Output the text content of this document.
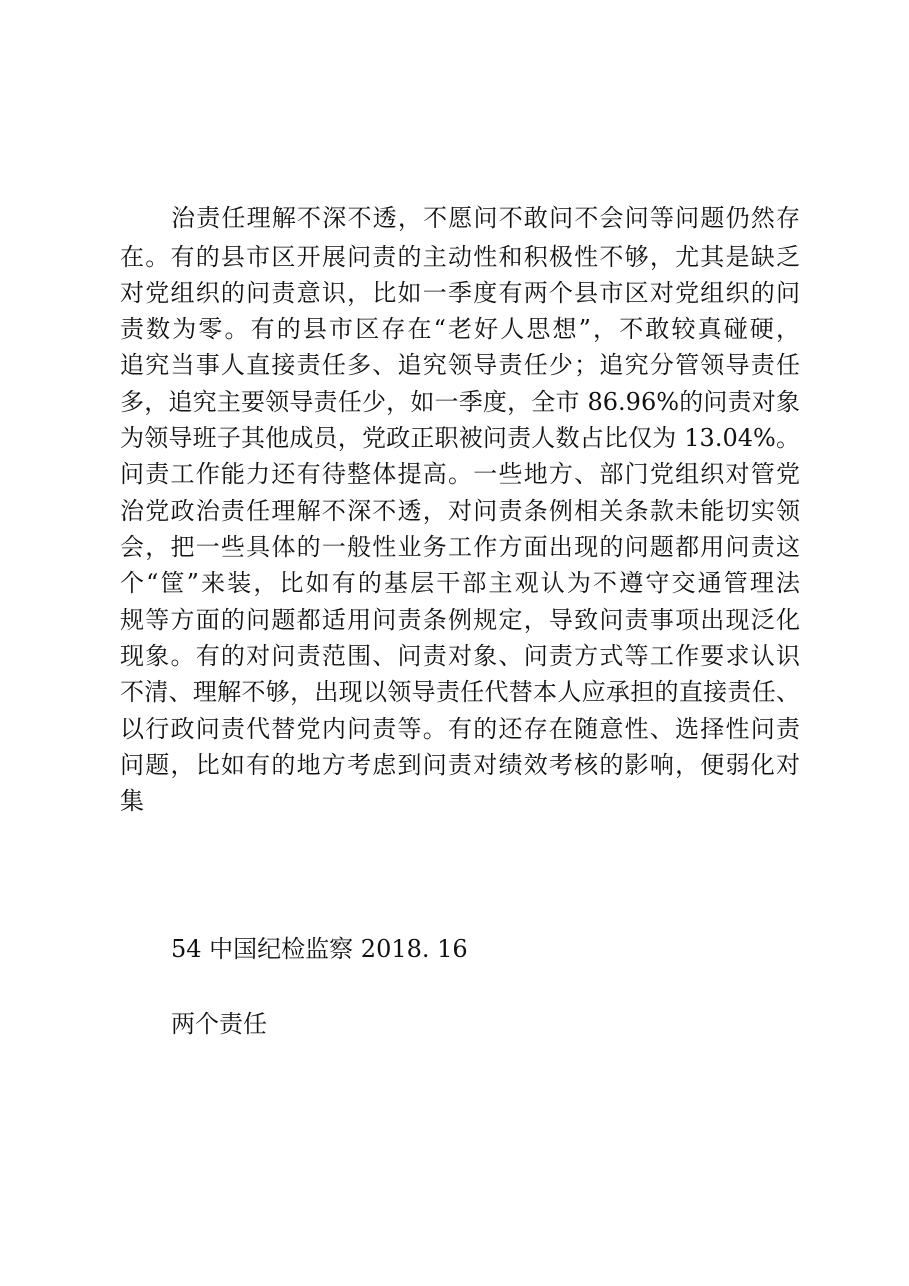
治责任理解不深不透，不愿问不敢问不会问等问题仍然存
在。有的县市区开展问责的主动性和积极性不够，尤其是缺乏
对党组织的问责意识，比如一季度有两个县市区对党组织的问
责数为零。有的县市区存在“老好人思想”，不敢较真碰硬，
追究当事人直接责任多、追究领导责任少；追究分管领导责任
多，追究主要领导责任少，如一季度，全市 86.96%的问责对象
为领导班子其他成员，党政正职被问责人数占比仅为 13.04%。
问责工作能力还有待整体提高。一些地方、部门党组织对管党
治党政治责任理解不深不透，对问责条例相关条款未能切实领
会，把一些具体的一般性业务工作方面出现的问题都用问责这
个“筐”来装，比如有的基层干部主观认为不遵守交通管理法
规等方面的问题都适用问责条例规定，导致问责事项出现泛化
现象。有的对问责范围、问责对象、问责方式等工作要求认识
不清、理解不够，出现以领导责任代替本人应承担的直接责任、
以行政问责代替党内问责等。有的还存在随意性、选择性问责
问题，比如有的地方考虑到问责对绩效考核的影响，便弱化对
集
54 中国纪检监察 2018. 16
两个责任
